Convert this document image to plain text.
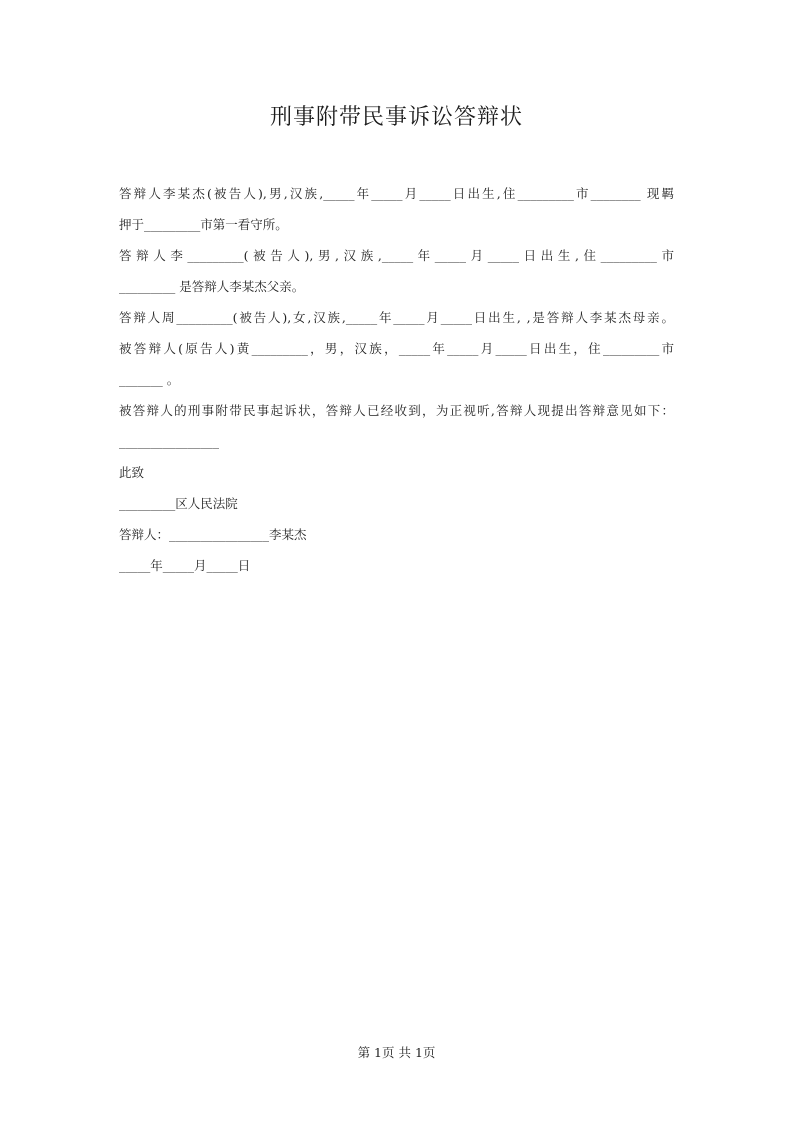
刑事附带民事诉讼答辩状
答辩人李某杰(被告人),男,汉族,_____年_____月_____日出生,住_________市________ 现羁
押于_________市第一看守所。
答辩人李_________(被告人),男,汉族,_____年_____月_____日出生,住_________市
_________ 是答辩人李某杰父亲。
答辩人周_________(被告人),女,汉族,_____年_____月_____日出生, ,是答辩人李某杰母亲。
被答辩人(原告人)黄_________，男，汉族，_____年_____月_____日出生，住_________市
_______ 。
被答辩人的刑事附带民事起诉状，答辩人已经收到，为正视听,答辩人现提出答辩意见如下：
________________
此致
_________区人民法院
答辩人：________________李某杰
_____年_____月_____日
第 1页 共 1页
